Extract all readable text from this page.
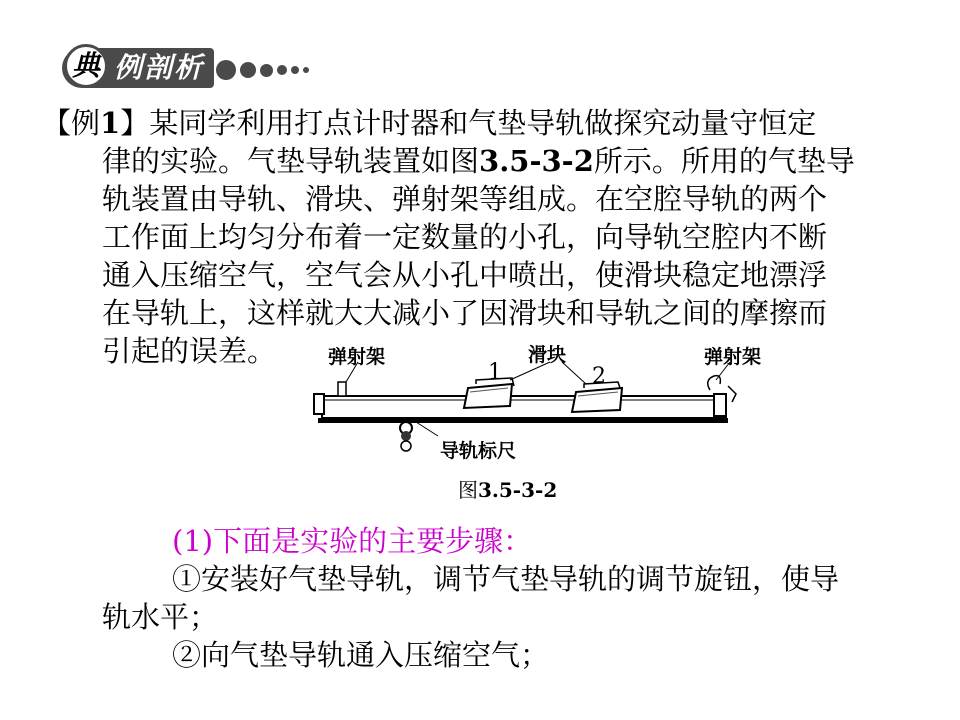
典 例剖析
【例1】某同学利用打点计时器和气垫导轨做探究动量守恒定
律的实验。气垫导轨装置如图3.5-3-2所示。所用的气垫导
轨装置由导轨、滑块、弹射架等组成。在空腔导轨的两个
工作面上均匀分布着一定数量的小孔，向导轨空腔内不断
通入压缩空气，空气会从小孔中喷出，使滑块稳定地漂浮
在导轨上，这样就大大减小了因滑块和导轨之间的摩擦而
引起的误差。	弹射架	滑块	弹射架
1	2
导轨标尺
图3.5-3-2
(1)下面是实验的主要步骤：
①安装好气垫导轨，调节气垫导轨的调节旋钮，使导
轨水平；
②向气垫导轨通入压缩空气；
